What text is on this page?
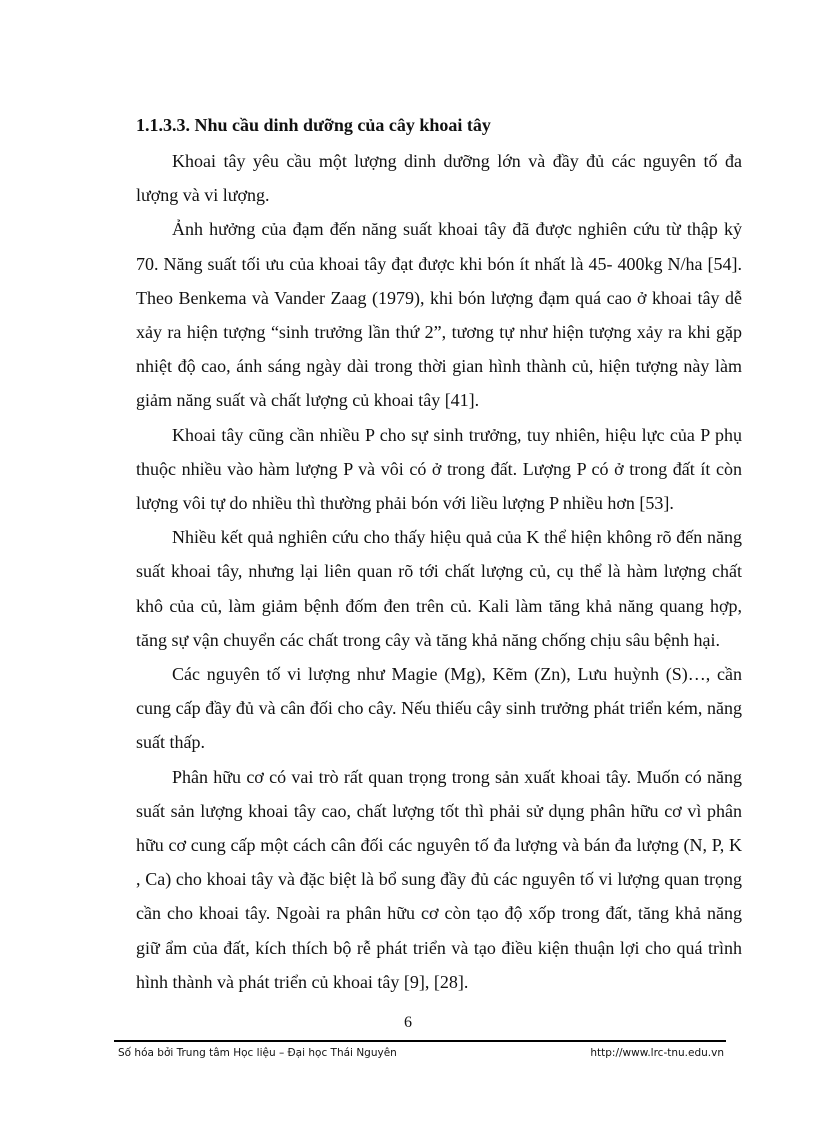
1.1.3.3. Nhu cầu dinh dưỡng của cây khoai tây

Khoai tây yêu cầu một lượng dinh dưỡng lớn và đầy đủ các nguyên tố đa lượng và vi lượng.

Ảnh hưởng của đạm đến năng suất khoai tây đã được nghiên cứu từ thập kỷ 70. Năng suất tối ưu của khoai tây đạt được khi bón ít nhất là 45- 400kg N/ha [54]. Theo Benkema và Vander Zaag (1979), khi bón lượng đạm quá cao ở khoai tây dễ xảy ra hiện tượng “sinh trưởng lần thứ 2”, tương tự như hiện tượng xảy ra khi gặp nhiệt độ cao, ánh sáng ngày dài trong thời gian hình thành củ, hiện tượng này làm giảm năng suất và chất lượng củ khoai tây [41].

Khoai tây cũng cần nhiều P cho sự sinh trưởng, tuy nhiên, hiệu lực của P phụ thuộc nhiều vào hàm lượng P và vôi có ở trong đất. Lượng P có ở trong đất ít còn lượng vôi tự do nhiều thì thường phải bón với liều lượng P nhiều hơn [53].

Nhiều kết quả nghiên cứu cho thấy hiệu quả của K thể hiện không rõ đến năng suất khoai tây, nhưng lại liên quan rõ tới chất lượng củ, cụ thể là hàm lượng chất khô của củ, làm giảm bệnh đốm đen trên củ. Kali làm tăng khả năng quang hợp, tăng sự vận chuyển các chất trong cây và tăng khả năng chống chịu sâu bệnh hại.

Các nguyên tố vi lượng như Magie (Mg), Kẽm (Zn), Lưu huỳnh (S)…, cần cung cấp đầy đủ và cân đối cho cây. Nếu thiếu cây sinh trưởng phát triển kém, năng suất thấp.

Phân hữu cơ có vai trò rất quan trọng trong sản xuất khoai tây. Muốn có năng suất sản lượng khoai tây cao, chất lượng tốt thì phải sử dụng phân hữu cơ vì phân hữu cơ cung cấp một cách cân đối các nguyên tố đa lượng và bán đa lượng (N, P, K , Ca) cho khoai tây và đặc biệt là bổ sung đầy đủ các nguyên tố vi lượng quan trọng cần cho khoai tây. Ngoài ra phân hữu cơ còn tạo độ xốp trong đất, tăng khả năng giữ ẩm của đất, kích thích bộ rễ phát triển và tạo điều kiện thuận lợi cho quá trình hình thành và phát triển củ khoai tây [9], [28].

6
Số hóa bởi Trung tâm Học liệu – Đại học Thái Nguyên	http://www.lrc-tnu.edu.vn
